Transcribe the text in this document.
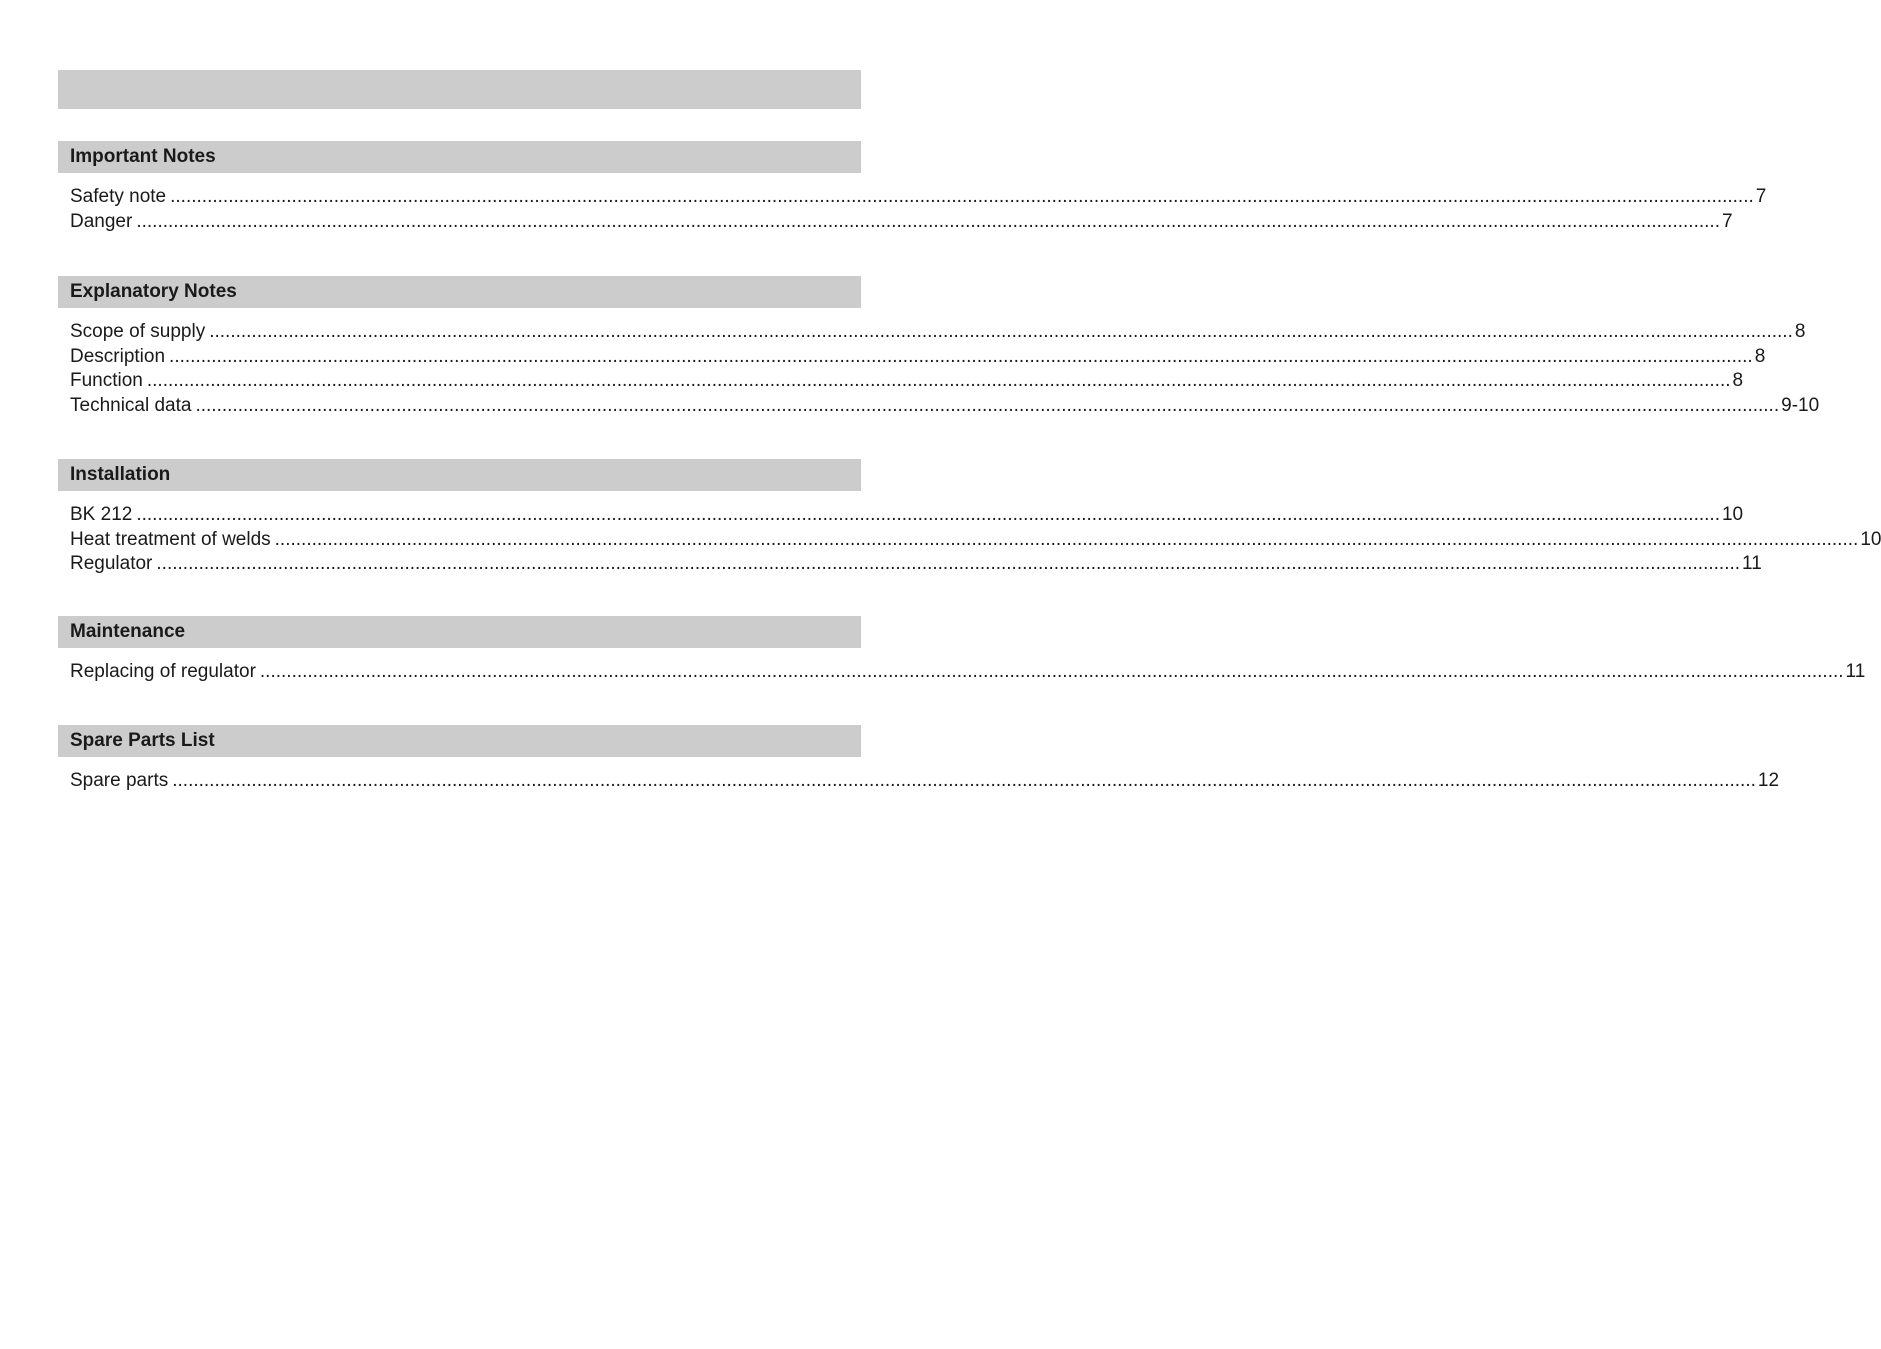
Important Notes
Safety note ............................................................................................................................................................................................................................................................................................................ 7
Danger ............................................................................................................................................................................................................................................................................................................ 7
Explanatory Notes
Scope of supply ............................................................................................................................................................................................................................................................................................................ 8
Description ............................................................................................................................................................................................................................................................................................................ 8
Function ............................................................................................................................................................................................................................................................................................................ 8
Technical data ............................................................................................................................................................................................................................................................................................................ 9-10
Installation
BK 212 ............................................................................................................................................................................................................................................................................................................ 10
Heat treatment of welds ............................................................................................................................................................................................................................................................................................................ 10
Regulator ............................................................................................................................................................................................................................................................................................................ 11
Maintenance
Replacing of regulator ............................................................................................................................................................................................................................................................................................................ 11
Spare Parts List
Spare parts ............................................................................................................................................................................................................................................................................................................ 12
